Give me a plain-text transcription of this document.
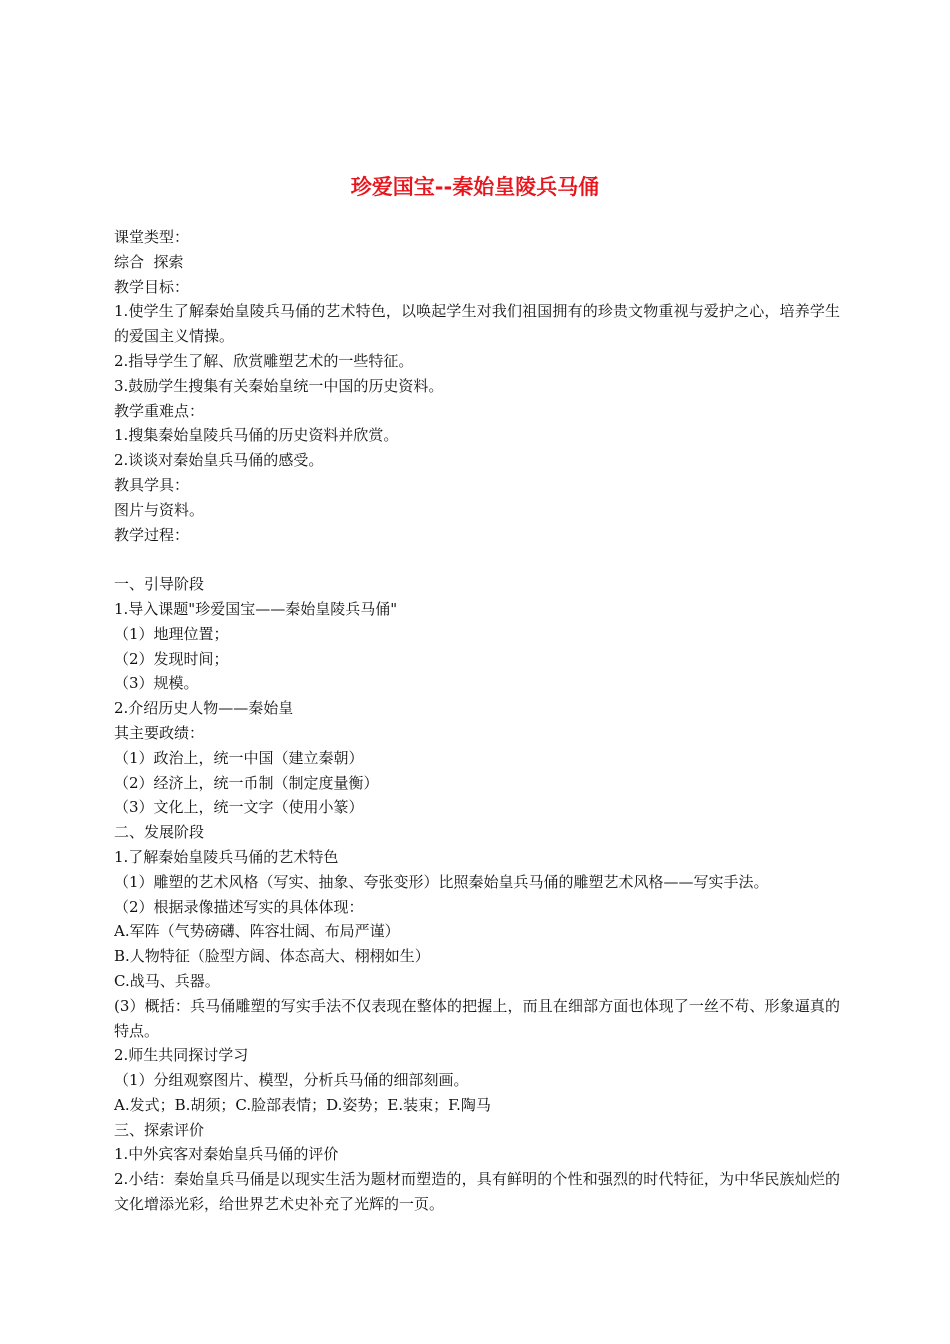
珍爱国宝--秦始皇陵兵马俑
课堂类型：
综合  探索
教学目标：
1.使学生了解秦始皇陵兵马俑的艺术特色，以唤起学生对我们祖国拥有的珍贵文物重视与爱护之心，培养学生的爱国主义情操。
2.指导学生了解、欣赏雕塑艺术的一些特征。
3.鼓励学生搜集有关秦始皇统一中国的历史资料。
教学重难点：
1.搜集秦始皇陵兵马俑的历史资料并欣赏。
2.谈谈对秦始皇兵马俑的感受。
教具学具：
图片与资料。
教学过程：
一、引导阶段
1.导入课题"珍爱国宝——秦始皇陵兵马俑"
（1）地理位置；
（2）发现时间；
（3）规模。
2.介绍历史人物——秦始皇
其主要政绩：
（1）政治上，统一中国（建立秦朝）
（2）经济上，统一币制（制定度量衡）
（3）文化上，统一文字（使用小篆）
二、发展阶段
1.了解秦始皇陵兵马俑的艺术特色
（1）雕塑的艺术风格（写实、抽象、夸张变形）比照秦始皇兵马俑的雕塑艺术风格——写实手法。
（2）根据录像描述写实的具体体现：
A.军阵（气势磅礴、阵容壮阔、布局严谨）
B.人物特征（脸型方阔、体态高大、栩栩如生）
C.战马、兵器。
(3）概括：兵马俑雕塑的写实手法不仅表现在整体的把握上，而且在细部方面也体现了一丝不苟、形象逼真的特点。
2.师生共同探讨学习
（1）分组观察图片、模型，分析兵马俑的细部刻画。
A.发式；B.胡须；C.脸部表情；D.姿势；E.装束；F.陶马
三、探索评价
1.中外宾客对秦始皇兵马俑的评价
2.小结：秦始皇兵马俑是以现实生活为题材而塑造的，具有鲜明的个性和强烈的时代特征，为中华民族灿烂的文化增添光彩，给世界艺术史补充了光辉的一页。
